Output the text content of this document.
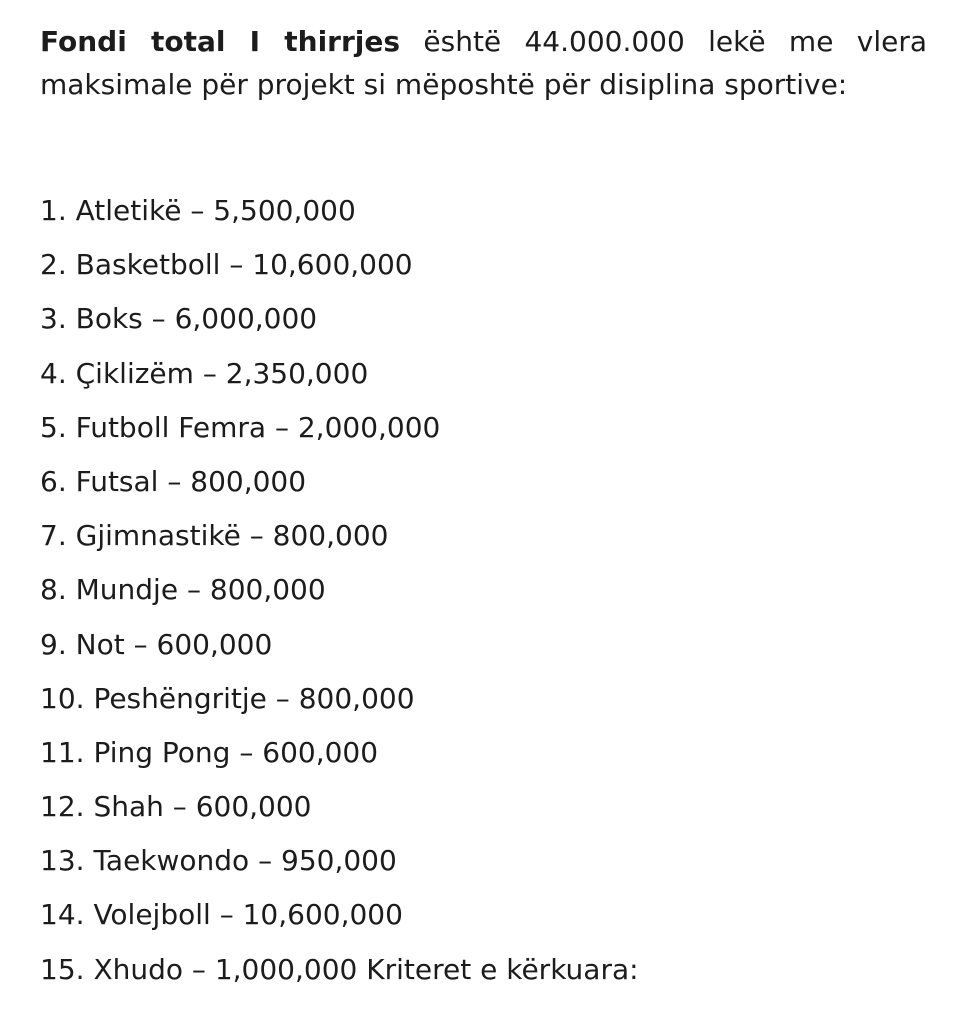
Fondi total I thirrjes është 44.000.000 lekë me vlera maksimale për projekt si mëposhtë për disiplina sportive:

1. Atletikë – 5,500,000
2. Basketboll – 10,600,000
3. Boks – 6,000,000
4. Çiklizëm – 2,350,000
5. Futboll Femra – 2,000,000
6. Futsal – 800,000
7. Gjimnastikë – 800,000
8. Mundje – 800,000
9. Not – 600,000
10. Peshëngritje – 800,000
11. Ping Pong – 600,000
12. Shah – 600,000
13. Taekwondo – 950,000
14. Volejboll – 10,600,000
15. Xhudo – 1,000,000 Kriteret e kërkuara:
